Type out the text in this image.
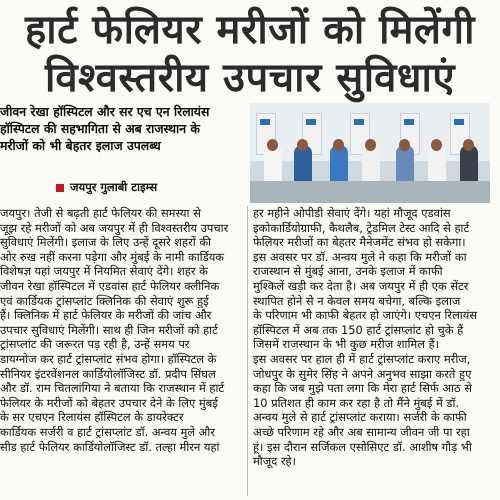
हार्ट फेलियर मरीजों को मिलेंगी
विश्वस्तरीय उपचार सुविधाएं
जीवन रेखा हॉस्पिटल और सर एच एन रिलायंस
हॉस्पिटल की सहभागिता से अब राजस्थान के
मरीजों को भी बेहतर इलाज उपलब्ध
जयपुर गुलाबी टाइम्स
जयपुर। तेजी से बढ़ती हार्ट फेलियर की समस्या से
जूझ रहे मरीजों को अब जयपुर में ही विश्वस्तरीय उपचार
सुविधाएं मिलेंगी। इलाज के लिए उन्हें दूसरे शहरों की
ओर रुख नहीं करना पड़ेगा और मुंबई के नामी कार्डियक
विशेषज्ञ यहां जयपुर में नियमित सेवाएं देंगे। शहर के
जीवन रेखा हॉस्पिटल में एडवांस हार्ट फेलियर क्लीनिक
एवं कार्डियक ट्रांसप्लांट क्लिनिक की सेवाएं शुरू हुई
हैं। क्लिनिक में हार्ट फेलियर के मरीजों की जांच और
उपचार सुविधाएं मिलेंगी। साथ ही जिन मरीजों को हार्ट
ट्रांसप्लांट की जरूरत पड़ रही है, उन्हें समय पर
डायग्नोज कर हार्ट ट्रांसप्लांट संभव होगा। हॉस्पिटल के
सीनियर इंटरवेंशनल कार्डियोलॉजिस्ट डॉ. प्रदीप सिंघल
और डॉ. राम चितलांगिया ने बताया कि राजस्थान में हार्ट
फेलियर के मरीजों को बेहतर उपचार देने के लिए मुंबई
के सर एचएन रिलायंस हॉस्पिटल के डायरेक्टर
कार्डियक सर्जरी व हार्ट ट्रांसप्लांट डॉ. अन्वय मुले और
सीड हार्ट फेलियर कार्डियोलॉजिस्ट डॉ. तल्हा मीरन यहां
हर महीने ओपीडी सेवाएं देंगे। यहां मौजूद एडवांस
इकोकार्डियोग्राफी, कैथलैब, ट्रेडमिल टेस्ट आदि से हार्ट
फेलियर मरीजों का बेहतर मैनेजमेंट संभव हो सकेगा।
इस अवसर पर डॉ. अन्वय मुले ने कहा कि मरीजों का
राजस्थान से मुंबई आना, उनके इलाज में काफी
मुश्किलें खड़ी कर देता है। अब जयपुर में ही एक सेंटर
स्थापित होने से न केवल समय बचेगा, बल्कि इलाज
के परिणाम भी काफी बेहतर हो जाएंगे। एचएन रिलायंस
हॉस्पिटल में अब तक 150 हार्ट ट्रांसप्लांट हो चुके हैं
जिसमें राजस्थान के भी कुछ मरीज शामिल हैं।
इस अवसर पर हाल ही में हार्ट ट्रांसप्लांट कराए मरीज,
जोधपुर के सुमेर सिंह ने अपने अनुभव साझा करते हुए
कहा कि जब मुझे पता लगा कि मेरा हार्ट सिर्फ आठ से
10 प्रतिशत ही काम कर रहा है तो मैंने मुंबई में डॉ.
अन्वय मुले से हार्ट ट्रांसप्लांट कराया। सर्जरी के काफी
अच्छे परिणाम रहे और अब सामान्य जीवन जी पा रहा
हूं। इस दौरान सर्जिकल एसोसिएट डॉ. आशीष गौड़ भी
मौजूद रहे।
